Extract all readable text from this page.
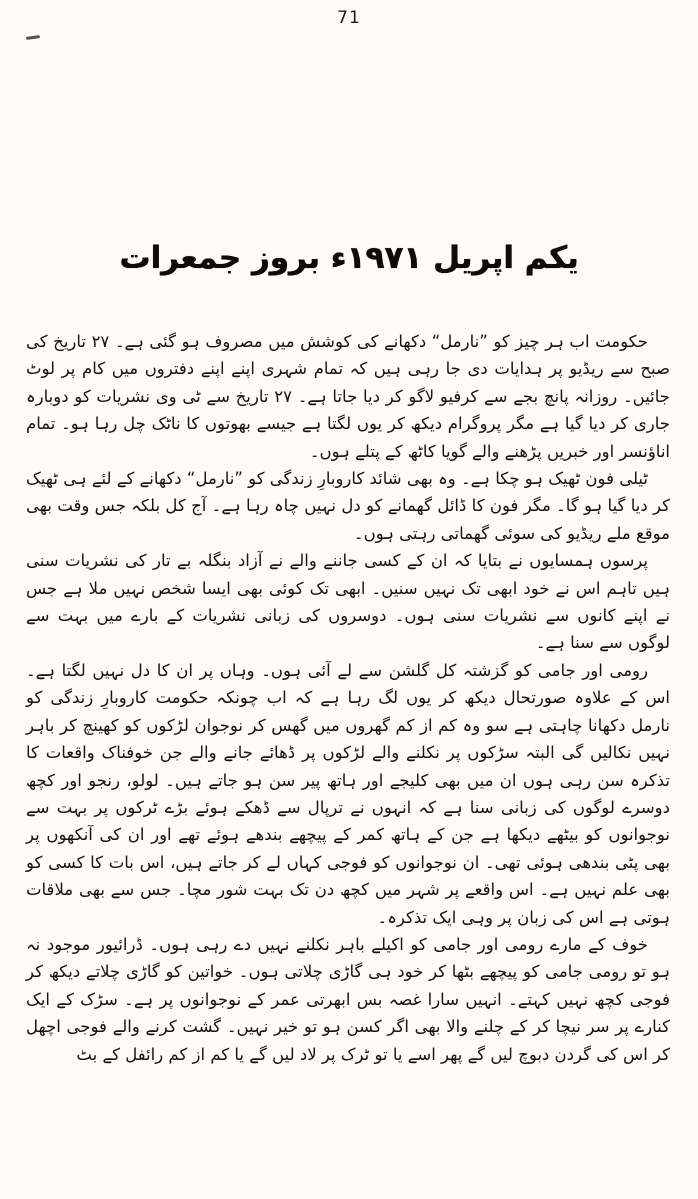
71
یکم اپریل ۱۹۷۱ء بروز جمعرات

حکومت اب ہر چیز کو ”نارمل“ دکھانے کی کوشش میں مصروف ہو گئی ہے۔ ۲۷ تاریخ کی صبح سے ریڈیو پر ہدایات دی جا رہی ہیں کہ تمام شہری اپنے اپنے دفتروں میں کام پر لوٹ جائیں۔ روزانہ پانچ بجے سے کرفیو لاگو کر دیا جاتا ہے۔ ۲۷ تاریخ سے ٹی وی نشریات کو دوبارہ جاری کر دیا گیا ہے مگر پروگرام دیکھ کر یوں لگتا ہے جیسے بھوتوں کا ناٹک چل رہا ہو۔ تمام اناؤنسر اور خبریں پڑھنے والے گویا کاٹھ کے پتلے ہوں۔

ٹیلی فون ٹھیک ہو چکا ہے۔ وہ بھی شائد کاروبارِ زندگی کو ”نارمل“ دکھانے کے لئے ہی ٹھیک کر دیا گیا ہو گا۔ مگر فون کا ڈائل گھمانے کو دل نہیں چاہ رہا ہے۔ آج کل بلکہ جس وقت بھی موقع ملے ریڈیو کی سوئی گھماتی رہتی ہوں۔

پرسوں ہمسایوں نے بتایا کہ ان کے کسی جاننے والے نے آزاد بنگلہ بے تار کی نشریات سنی ہیں تاہم اس نے خود ابھی تک نہیں سنیں۔ ابھی تک کوئی بھی ایسا شخص نہیں ملا ہے جس نے اپنے کانوں سے نشریات سنی ہوں۔ دوسروں کی زبانی نشریات کے بارے میں بہت سے لوگوں سے سنا ہے۔

رومی اور جامی کو گزشتہ کل گلشن سے لے آئی ہوں۔ وہاں پر ان کا دل نہیں لگتا ہے۔ اس کے علاوہ صورتحال دیکھ کر یوں لگ رہا ہے کہ اب چونکہ حکومت کاروبارِ زندگی کو نارمل دکھانا چاہتی ہے سو وہ کم از کم گھروں میں گھس کر نوجوان لڑکوں کو کھینچ کر باہر نہیں نکالیں گی البتہ سڑکوں پر نکلنے والے لڑکوں پر ڈھائے جانے والے جن خوفناک واقعات کا تذکرہ سن رہی ہوں ان میں بھی کلیجے اور ہاتھ پیر سن ہو جاتے ہیں۔ لولو، رنجو اور کچھ دوسرے لوگوں کی زبانی سنا ہے کہ انہوں نے ترپال سے ڈھکے ہوئے بڑے ٹرکوں پر بہت سے نوجوانوں کو بیٹھے دیکھا ہے جن کے ہاتھ کمر کے پیچھے بندھے ہوئے تھے اور ان کی آنکھوں پر بھی پٹی بندھی ہوئی تھی۔ ان نوجوانوں کو فوجی کہاں لے کر جاتے ہیں، اس بات کا کسی کو بھی علم نہیں ہے۔ اس واقعے پر شہر میں کچھ دن تک بہت شور مچا۔ جس سے بھی ملاقات ہوتی ہے اس کی زبان پر وہی ایک تذکرہ۔

خوف کے مارے رومی اور جامی کو اکیلے باہر نکلنے نہیں دے رہی ہوں۔ ڈرائیور موجود نہ ہو تو رومی جامی کو پیچھے بٹھا کر خود ہی گاڑی چلاتی ہوں۔ خواتین کو گاڑی چلاتے دیکھ کر فوجی کچھ نہیں کہتے۔ انہیں سارا غصہ بس ابھرتی عمر کے نوجوانوں پر ہے۔ سڑک کے ایک کنارے پر سر نیچا کر کے چلنے والا بھی اگر کسن ہو تو خیر نہیں۔ گشت کرنے والے فوجی اچھل کر اس کی گردن دبوچ لیں گے پھر اسے یا تو ٹرک پر لاد لیں گے یا کم از کم رائفل کے بٹ
